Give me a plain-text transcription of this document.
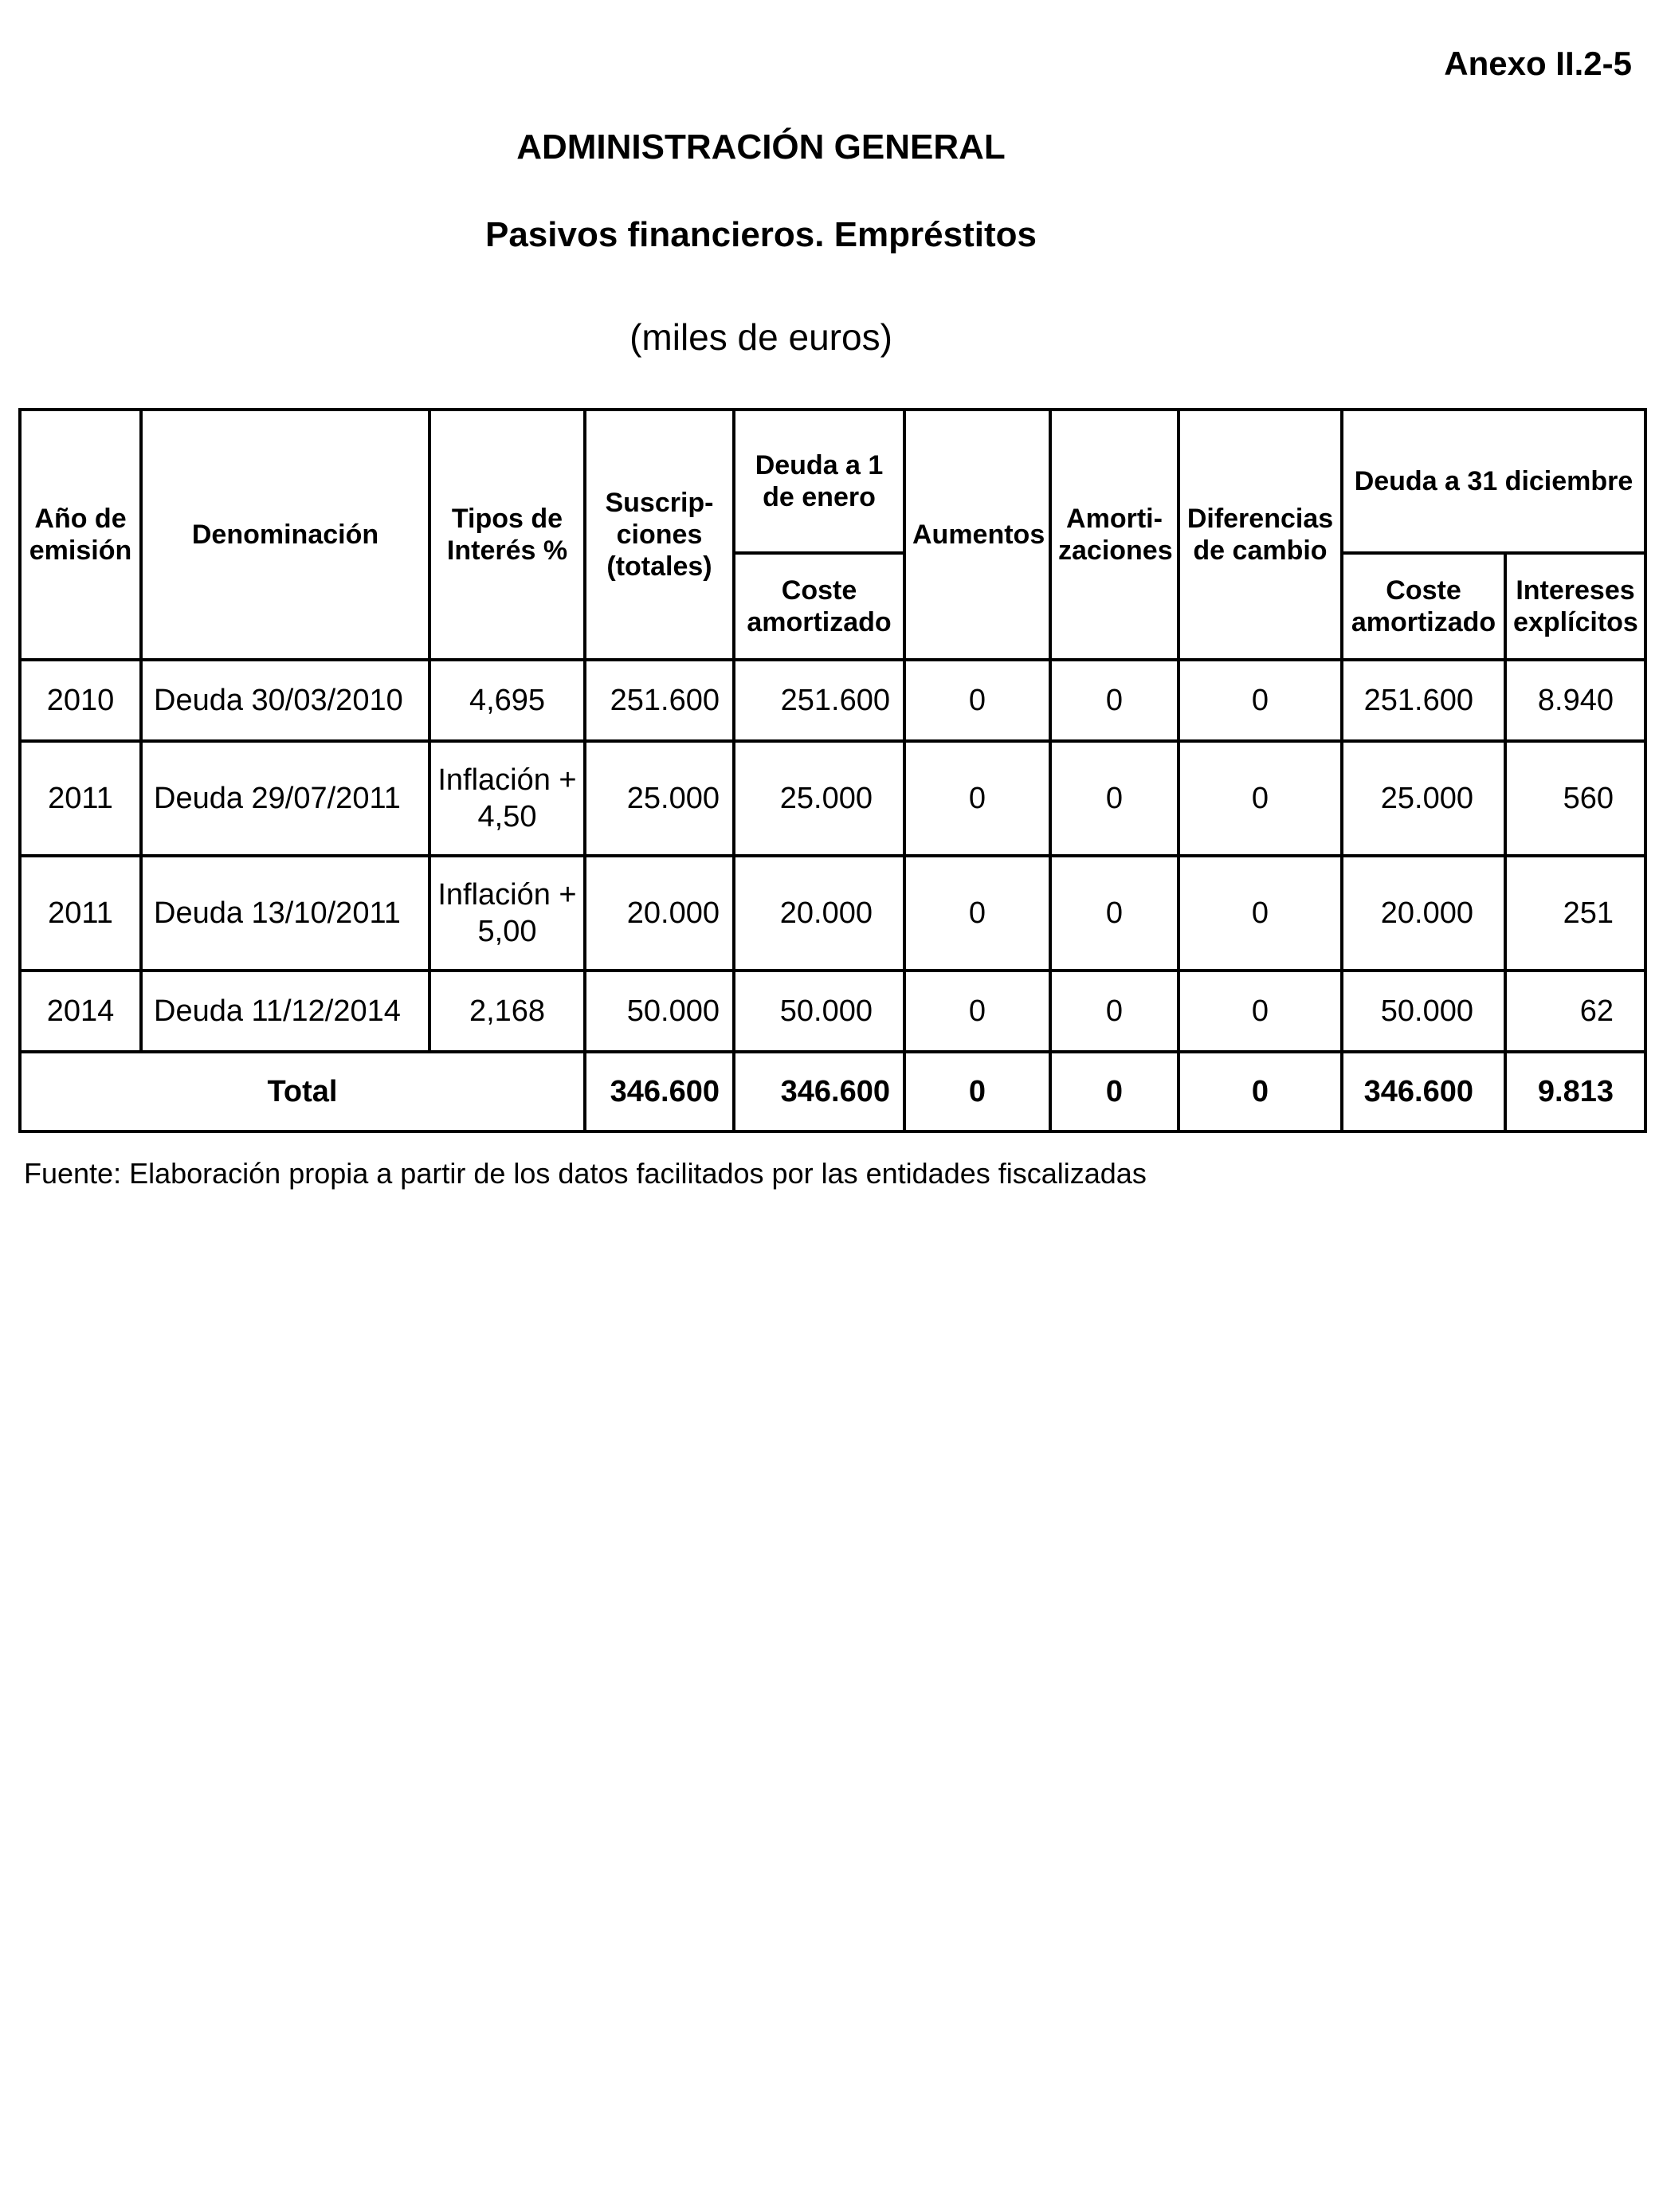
Anexo II.2-5

ADMINISTRACIÓN GENERAL

Pasivos financieros. Empréstitos

(miles de euros)

Año de emisión	Denominación	Tipos de Interés %	Suscrip-ciones (totales)	Deuda a 1 de enero	Aumentos	Amorti-zaciones	Diferencias de cambio	Deuda a 31 diciembre	
				Coste amortizado				Coste amortizado	Intereses explícitos
2010	Deuda 30/03/2010	4,695	251.600	251.600	0	0	0	251.600	8.940
2011	Deuda 29/07/2011	Inflación + 4,50	25.000	25.000	0	0	0	25.000	560
2011	Deuda 13/10/2011	Inflación + 5,00	20.000	20.000	0	0	0	20.000	251
2014	Deuda 11/12/2014	2,168	50.000	50.000	0	0	0	50.000	62
Total			346.600	346.600	0	0	0	346.600	9.813

Fuente: Elaboración propia a partir de los datos facilitados por las entidades fiscalizadas
